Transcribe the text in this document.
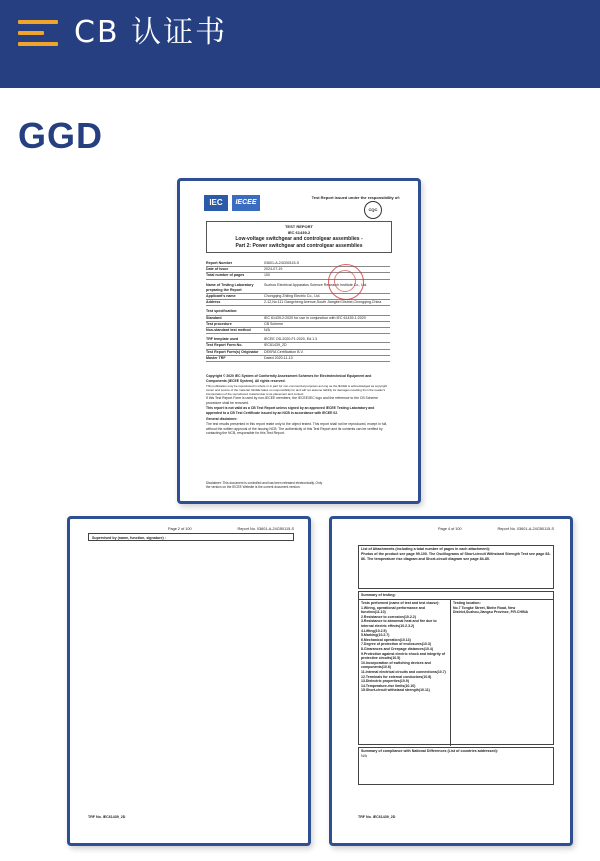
CB 认证书
GGD
IEC	IECEE
Test Report issued under the responsibility of:
CQC
TEST REPORT
IEC 61439-2
Low-voltage switchgear and controlgear assemblies -
Part 2: Power switchgear and controlgear assemblies
Report Number	03601-A-24CB0115-S
Date of issue	2024-07-19
Total number of pages	100
Name of Testing Laboratory preparing the Report
Suzhou Electrical Apparatus Science Research Institute Co., Ltd.
Applicant's name	Chongqing Zhiling Electric Co., Ltd.
Address	2-12,No.111 Gangcheng Avenue,South Jiangbei District,Chongqing,China
Test specification:
Standard	IEC 61439-2:2020 for use in conjunction with IEC 61439-1:2020
Test procedure	CB Scheme
Non-standard test method	N/A
TRF template used	IECEE OD-2020-F1:2020, Ed.1.3
Test Report Form No.	IEC61439_2D
Test Report Form(s) Originator	DEKRA Certification B.V.
Master TRF	Dated 2020-11-10
Copyright © 2020 IEC System of Conformity Assessment Schemes for Electrotechnical Equipment and Components (IECEE System). All rights reserved.
This publication may be reproduced in whole or in part for non-commercial purposes as long as the IECEE is acknowledged as copyright owner and source of the material. IECEE takes no responsibility for and will not assume liability for damages resulting from the reader's interpretation of the reproduced material due to its placement and context.
If this Test Report Form is used by non-IECEE members, the IECEE/IEC logo and the reference to the CB Scheme procedure shall be removed.
This report is not valid as a CB Test Report unless signed by an approved IECEE Testing Laboratory and appended to a CB Test Certificate issued by an NCB in accordance with IECEE 02.
General disclaimer:
The test results presented in this report relate only to the object tested. This report shall not be reproduced, except in full, without the written approval of the Issuing NCB. The authenticity of this Test Report and its contents can be verified by contacting the NCB, responsible for this Test Report.
Disclaimer: This document is controlled and has been released electronically. Only the version on the IECEE Website is the current document version.
Page 2 of 100	Report No. 03601-A-24CB0115-S
Supervised by (name, function, signature) :
TRF No. IEC61439_2D
Page 4 of 100	Report No. 03601-A-24CB0115-S
List of Attachments (including a total number of pages in each attachment):
Photos of the product see page 99-100. The Oscillograms of Short-circuit Withstand Strength Test see page 83-86. The temperature rise diagram and Short-circuit diagram see page 84-85.
Summary of testing:
Tests performed (name of test and test clause):
1.Wiring, operational performance and function(11.10)
2.Resistance to corrosion(10.2.2)
3.Resistance to abnormal heat and fire due to internal electric effects(10.2.3.2)
4.Lifting(10.2.5)
5.Marking(10.2.7)
6.Mechanical operation(10.13)
7.Degree of protection of enclosures(10.3)
8.Clearances and Creepage distances(10.4)
9.Protection against electric shock and integrity of protective circuits(10.5)
10.Incorporation of switching devices and components(10.6)
11.Internal electrical circuits and connections(10.7)
12.Terminals for external conductors(10.8)
13.Dielectric properties(10.9)
14.Temperature-rise limits(10.10)
15.Short-circuit withstand strength(10.11)
Testing location:
No.7 Tongke Street, Binhe Road, New District,Suzhou,Jiangsu Province, P.R.CHINA
Summary of compliance with National Differences (List of countries addressed):
N/A
TRF No. IEC61439_2D
